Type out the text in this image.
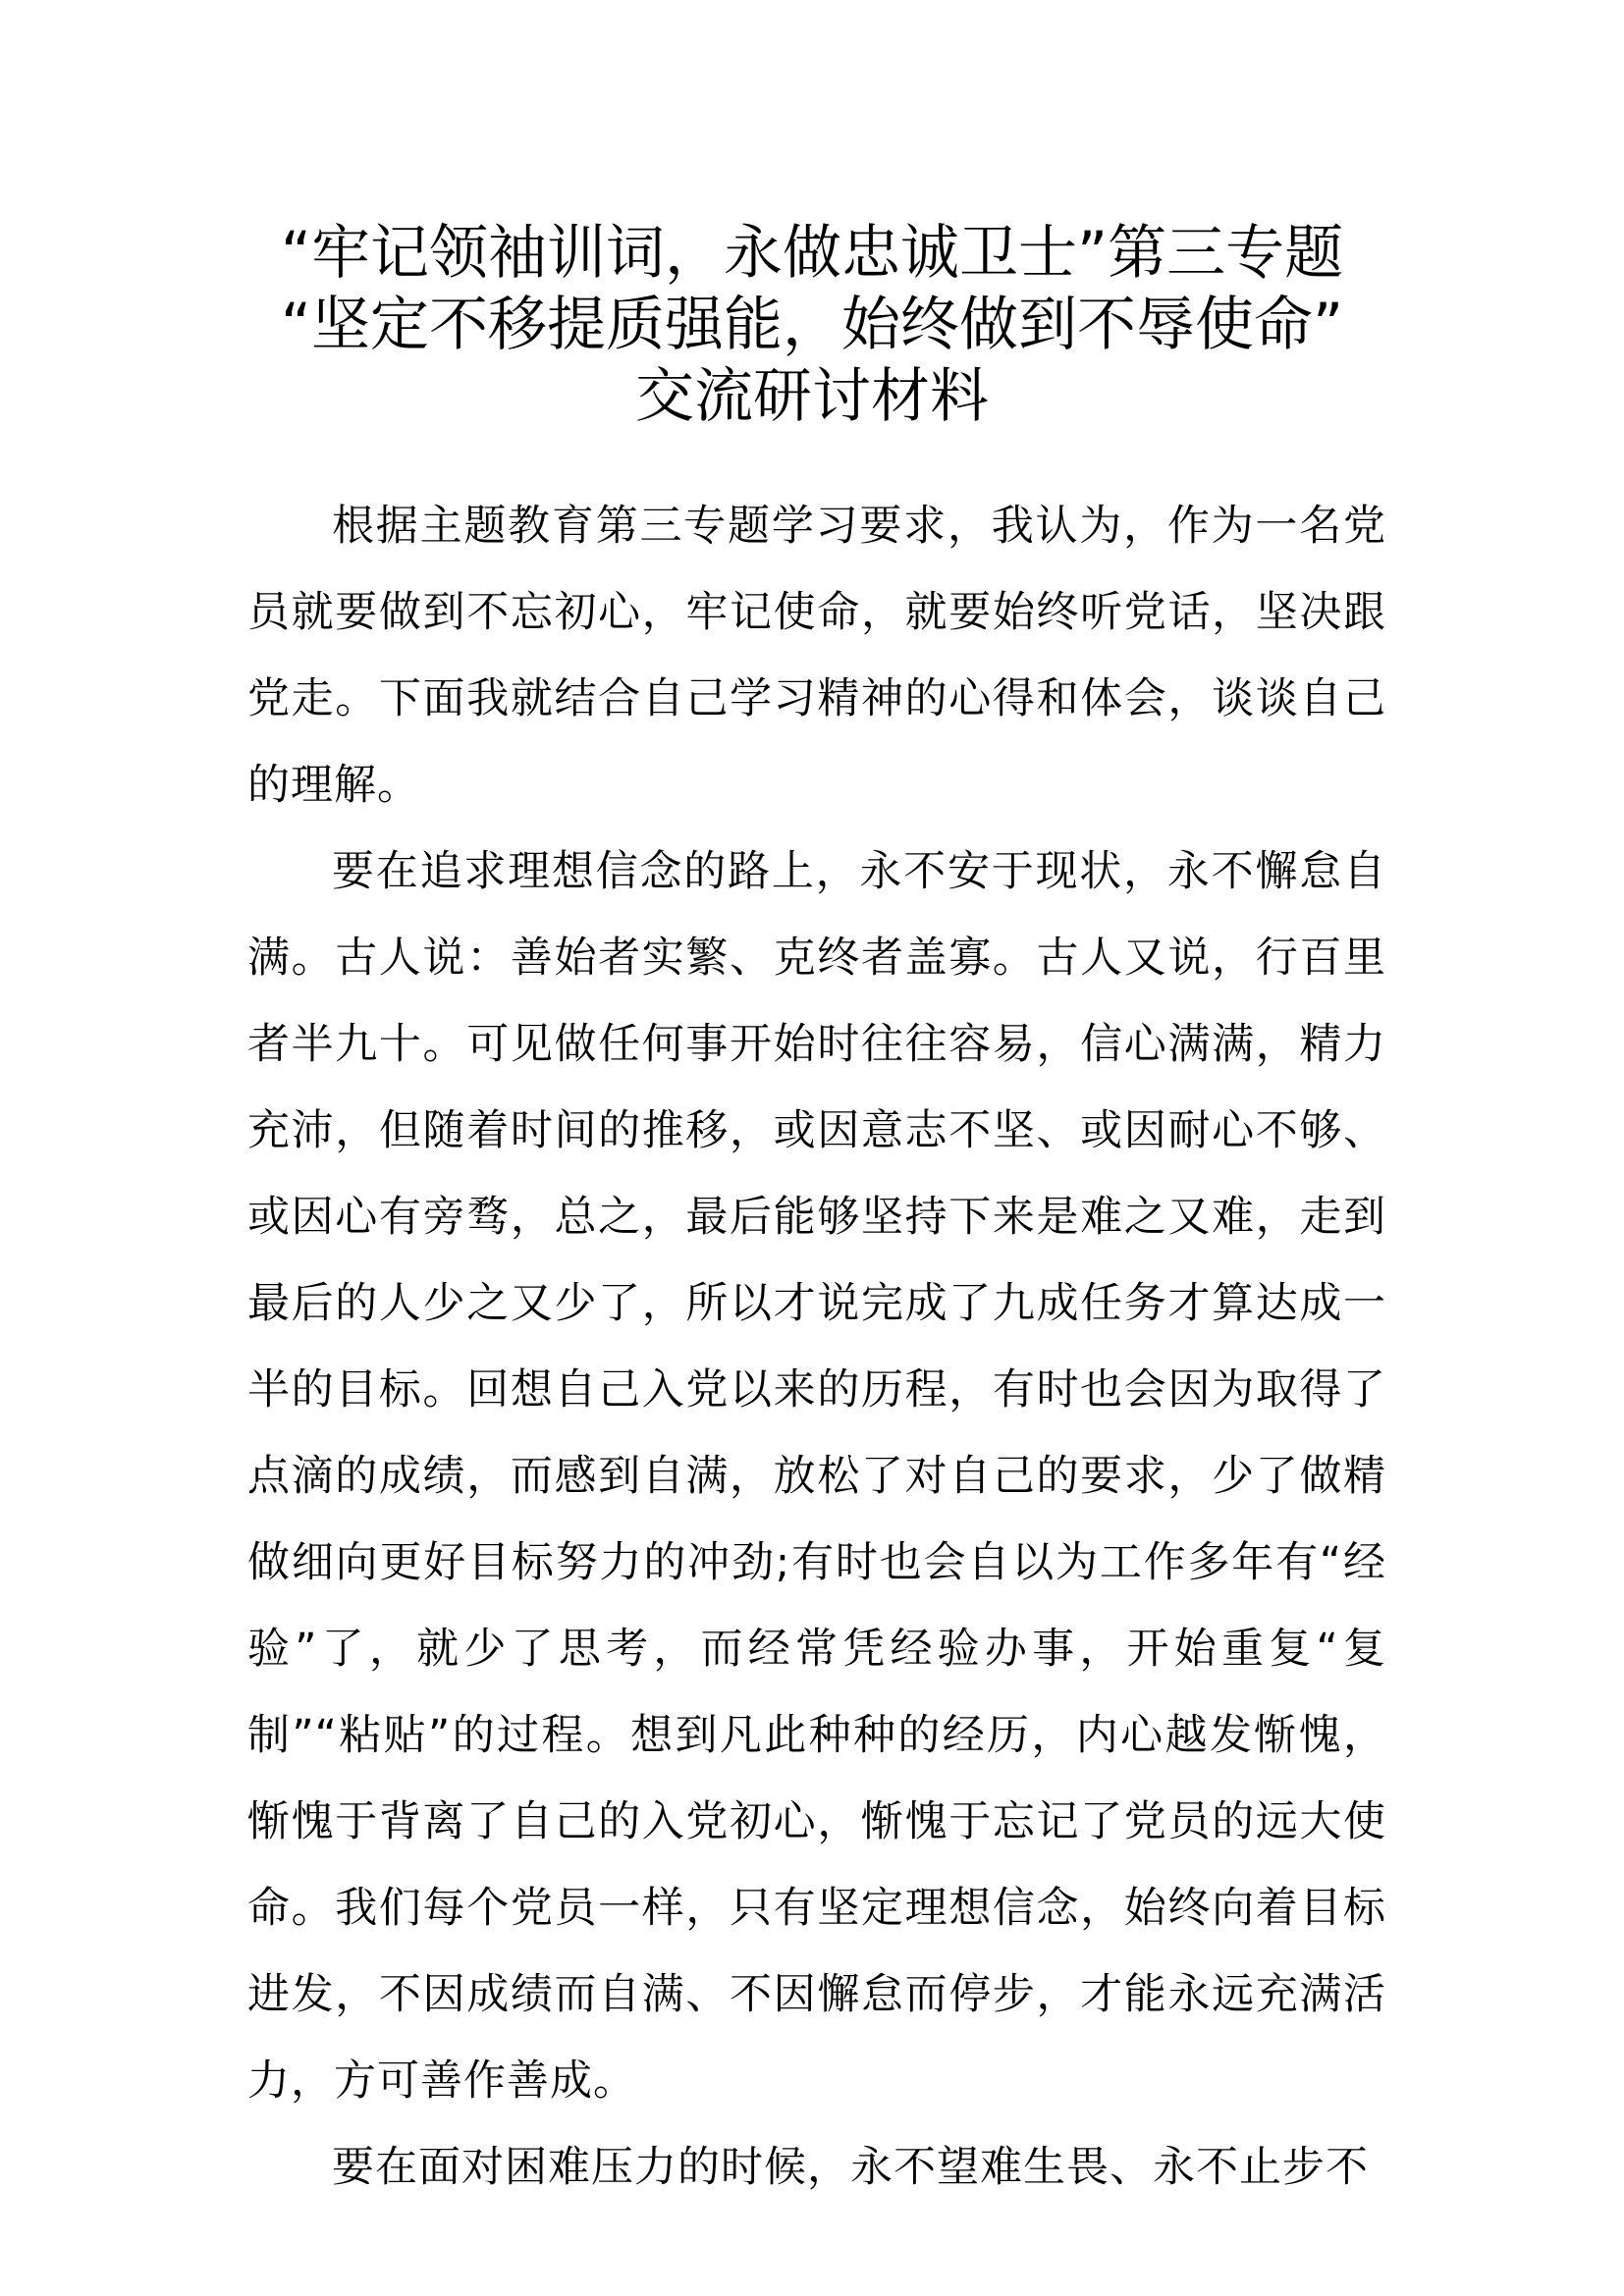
“牢记领袖训词，永做忠诚卫士”第三专题
“坚定不移提质强能，始终做到不辱使命”
交流研讨材料

根据主题教育第三专题学习要求，我认为，作为一名党员就要做到不忘初心，牢记使命，就要始终听党话，坚决跟党走。下面我就结合自己学习精神的心得和体会，谈谈自己的理解。

要在追求理想信念的路上，永不安于现状，永不懈怠自满。古人说：善始者实繁、克终者盖寡。古人又说，行百里者半九十。可见做任何事开始时往往容易，信心满满，精力充沛，但随着时间的推移，或因意志不坚、或因耐心不够、或因心有旁骛，总之，最后能够坚持下来是难之又难，走到最后的人少之又少了，所以才说完成了九成任务才算达成一半的目标。回想自己入党以来的历程，有时也会因为取得了点滴的成绩，而感到自满，放松了对自己的要求，少了做精做细向更好目标努力的冲劲;有时也会自以为工作多年有“经验”了，就少了思考，而经常凭经验办事，开始重复“复制”“粘贴”的过程。想到凡此种种的经历，内心越发惭愧，惭愧于背离了自己的入党初心，惭愧于忘记了党员的远大使命。我们每个党员一样，只有坚定理想信念，始终向着目标进发，不因成绩而自满、不因懈怠而停步，才能永远充满活力，方可善作善成。

要在面对困难压力的时候，永不望难生畏、永不止步不
